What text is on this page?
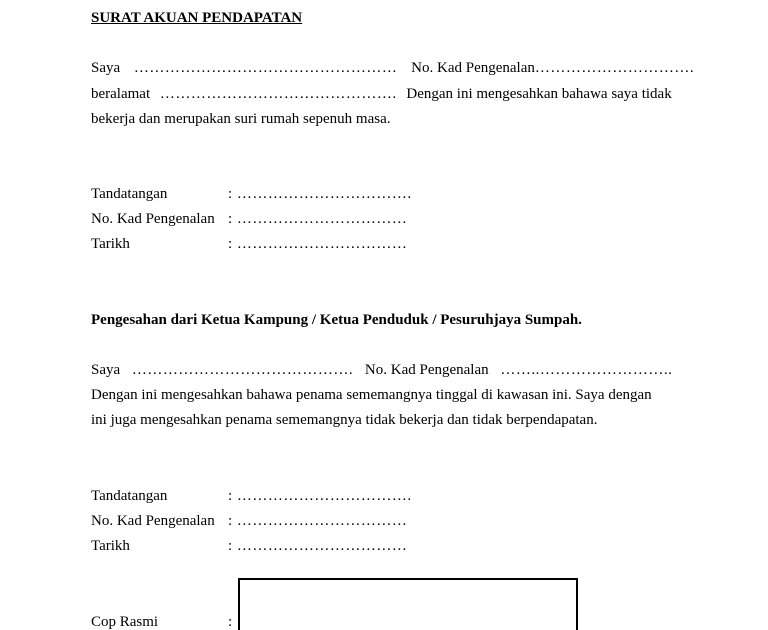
SURAT AKUAN PENDAPATAN
Saya …………………………………………… No. Kad Pengenalan………………………….
beralamat ………………………………………. Dengan ini mengesahkan bahawa saya tidak
bekerja dan merupakan suri rumah sepenuh masa.
Tandatangan	: …………………………….
No. Kad Pengenalan : ……………………………
Tarikh	: ……………………………
Pengesahan dari Ketua Kampung / Ketua Penduduk / Pesuruhjaya Sumpah.
Saya ……………………………………. No. Kad Pengenalan ……..……………………..
Dengan ini mengesahkan bahawa penama sememangnya tinggal di kawasan ini. Saya dengan
ini juga mengesahkan penama sememangnya tidak bekerja dan tidak berpendapatan.
Tandatangan	: …………………………….
No. Kad Pengenalan : ……………………………
Tarikh	: ……………………………
Cop Rasmi	:
